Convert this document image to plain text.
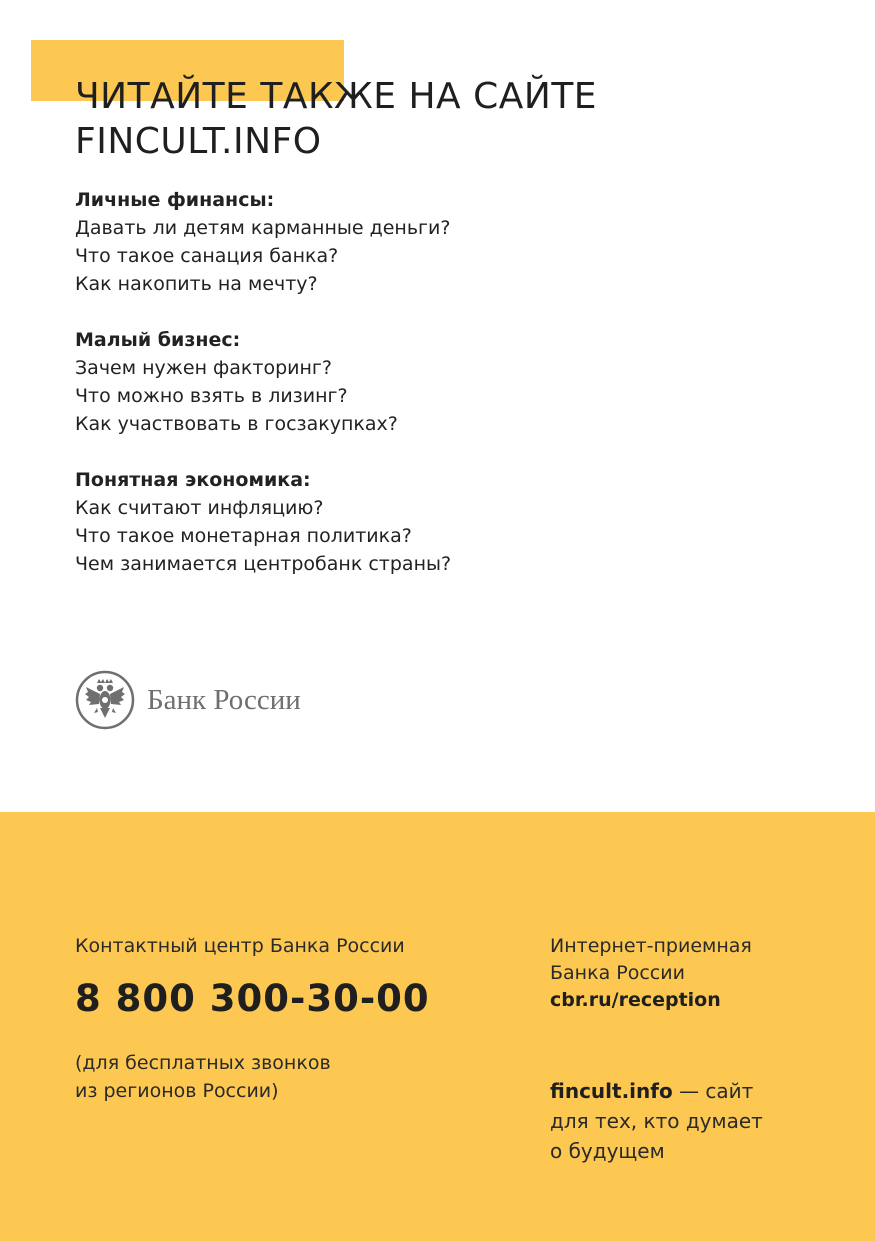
ЧИТАЙТЕ ТАКЖЕ НА САЙТЕ
FINCULT.INFO
Личные финансы:
Давать ли детям карманные деньги?
Что такое санация банка?
Как накопить на мечту?
Малый бизнес:
Зачем нужен факторинг?
Что можно взять в лизинг?
Как участвовать в госзакупках?
Понятная экономика:
Как считают инфляцию?
Что такое монетарная политика?
Чем занимается центробанк страны?
Банк России
Контактный центр Банка России
8 800 300-30-00
(для бесплатных звонков
из регионов России)
Интернет-приемная
Банка России
cbr.ru/reception
fincult.info — сайт
для тех, кто думает
о будущем
